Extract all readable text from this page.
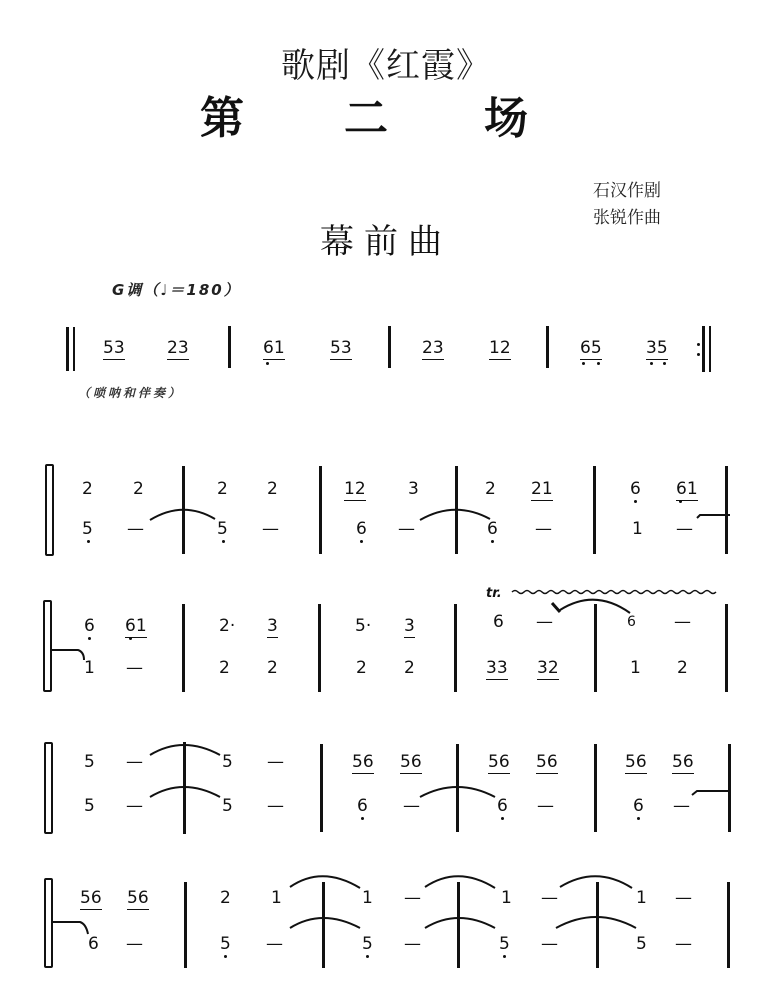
歌剧《红霞》
第 二 场
石汉作剧
张锐作曲
幕前曲
G调（♩＝180）
（唢呐和伴奏）
53 23	61	53	23	12	65	35
2 2
5 —
2 2
5 —
12 3
6 —
2 21
6 —
6 61
1 —
6 61
1 —
2· 3
2 2
5· 3
2 2
tr.
6 —
33 32
6 —
1 2
5 —
5 —
5 —
5 —
56 56
6 —
56 56
6 —
56 56
6 —
56 56
6 —
2 1
5 —
1 —
5 —
1 —
5 —
1 —
5 —
